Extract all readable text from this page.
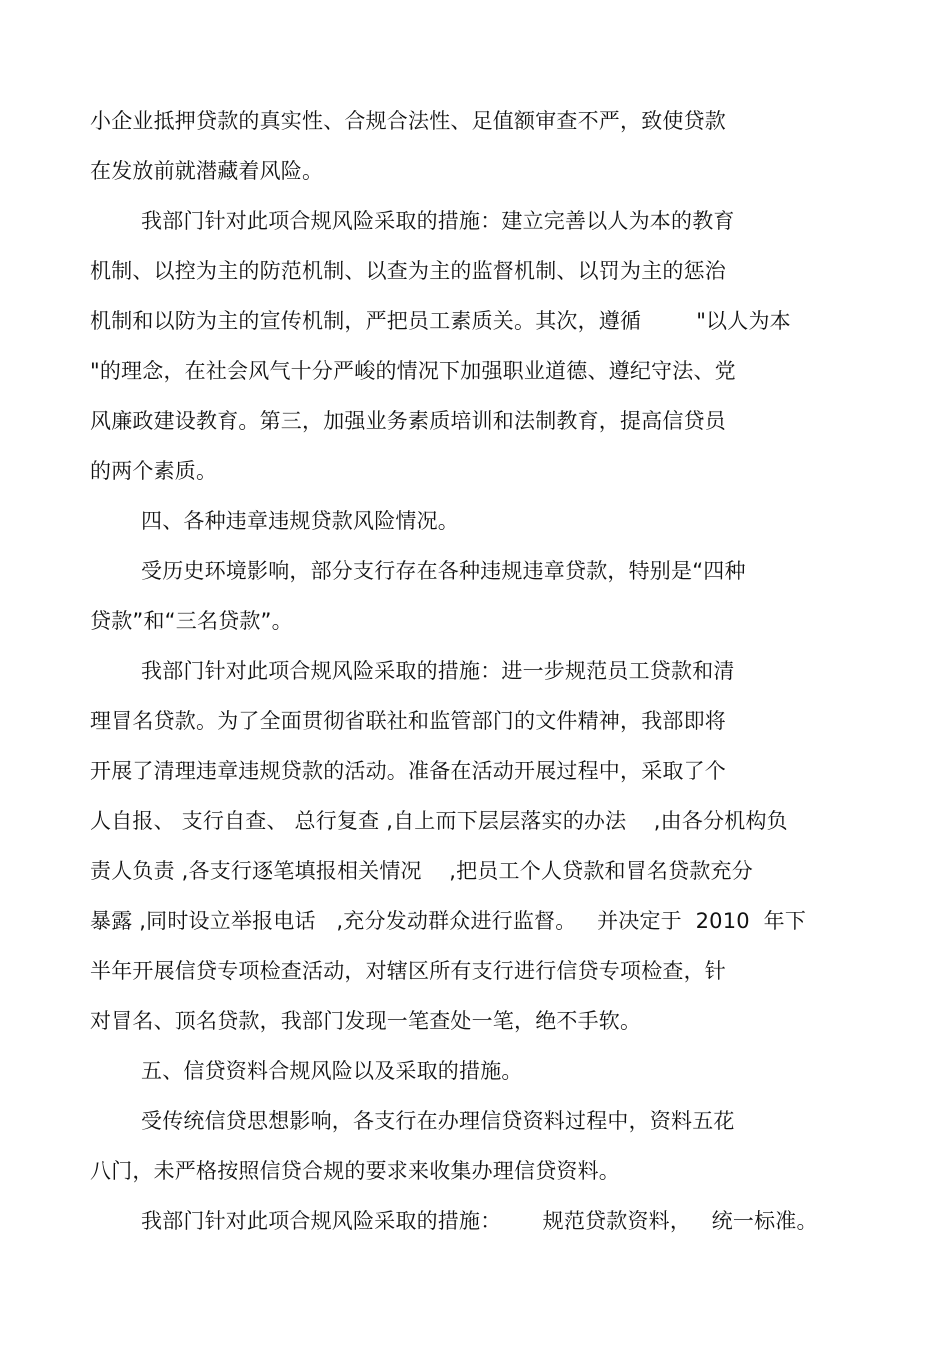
小企业抵押贷款的真实性、合规合法性、足值额审查不严，致使贷款
在发放前就潜藏着风险。
我部门针对此项合规风险采取的措施：建立完善以人为本的教育
机制、以控为主的防范机制、以查为主的监督机制、以罚为主的惩治
机制和以防为主的宣传机制，严把员工素质关。其次，遵循        "以人为本
"的理念，在社会风气十分严峻的情况下加强职业道德、遵纪守法、党
风廉政建设教育。第三，加强业务素质培训和法制教育，提高信贷员
的两个素质。
四、各种违章违规贷款风险情况。
受历史环境影响，部分支行存在各种违规违章贷款，特别是“四种
贷款”和“三名贷款”。
我部门针对此项合规风险采取的措施：进一步规范员工贷款和清
理冒名贷款。为了全面贯彻省联社和监管部门的文件精神，我部即将
开展了清理违章违规贷款的活动。准备在活动开展过程中，采取了个
人自报、 支行自查、 总行复查 ,自上而下层层落实的办法    ,由各分机构负
责人负责 ,各支行逐笔填报相关情况    ,把员工个人贷款和冒名贷款充分
暴露 ,同时设立举报电话   ,充分发动群众进行监督。   并决定于  2010  年下
半年开展信贷专项检查活动，对辖区所有支行进行信贷专项检查，针
对冒名、顶名贷款，我部门发现一笔查处一笔，绝不手软。
五、信贷资料合规风险以及采取的措施。
受传统信贷思想影响，各支行在办理信贷资料过程中，资料五花
八门，未严格按照信贷合规的要求来收集办理信贷资料。
我部门针对此项合规风险采取的措施：      规范贷款资料，   统一标准。
